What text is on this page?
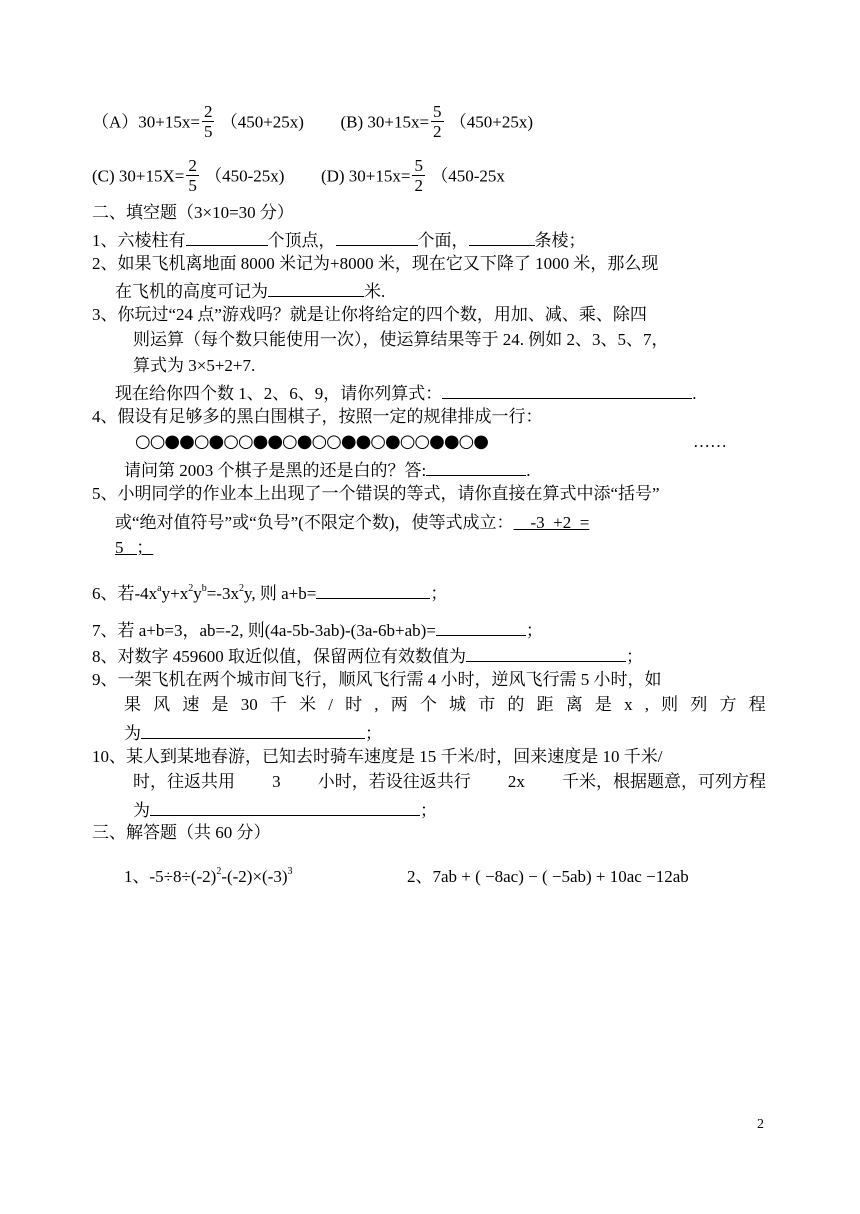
$(A)30+15x= \frac{2}{5} (450+25x)$ (B) $30+15x= \frac{5}{2} (450+25x)$
(C) $30+15X= \frac{2}{5} (450-25x)$ (D) $30+15x= \frac{5}{2} (450-25x$
二、填空题（3×10=30 分）
1、六棱柱有	个顶点，	个面，	条棱；
2、如果飞机离地面 8000 米记为+8000 米，现在它又下降了 1000 米，那么现
在飞机的高度可记为	米.
3、你玩过“24 点”游戏吗？就是让你将给定的四个数，用加、减、乘、除四
则运算（每个数只能使用一次），使运算结果等于 24. 例如 2、3、5、7，
算式为 3×5+2+7.
现在给你四个数 1、2、6、9，请你列算式：	.
4、假设有足够多的黑白围棋子，按照一定的规律排成一行：
○○●●○●○○●●○●○○●●○●○○●●○●	……
请问第 2003 个棋子是黑的还是白的？答:	.
5、小明同学的作业本上出现了一个错误的等式，请你直接在算式中添“括号”
或“绝对值符号”或“负号”(不限定个数)，使等式成立： -3  +2  =
5   ；
6、若$-4x^ay+x^2y^b=-3x^2y$, 则 a+b=	；
7、若 a+b=3，ab=-2, 则(4a-5b-3ab)-(3a-6b+ab)=	；
8、对数字 459600 取近似值，保留两位有效数值为	；
9、一架飞机在两个城市间飞行，顺风飞行需 4 小时，逆风飞行需 5 小时，如
果 风 速 是 30 千 米 / 时 , 两 个 城 市 的 距 离 是 x , 则 列 方 程
为	；
10、某人到某地春游，已知去时骑车速度是 15 千米/时，回来速度是 10 千米/
时，往返共用 3 小时，若设往返共行 2x 千米，根据题意，可列方程
为	；
三、解答题（共 60 分）
1、$-5\div 8\div(-2)^2-(-2)\times(-3)^3$	2、7ab + ( −8ac) − ( −5ab) + 10ac −12ab
2
